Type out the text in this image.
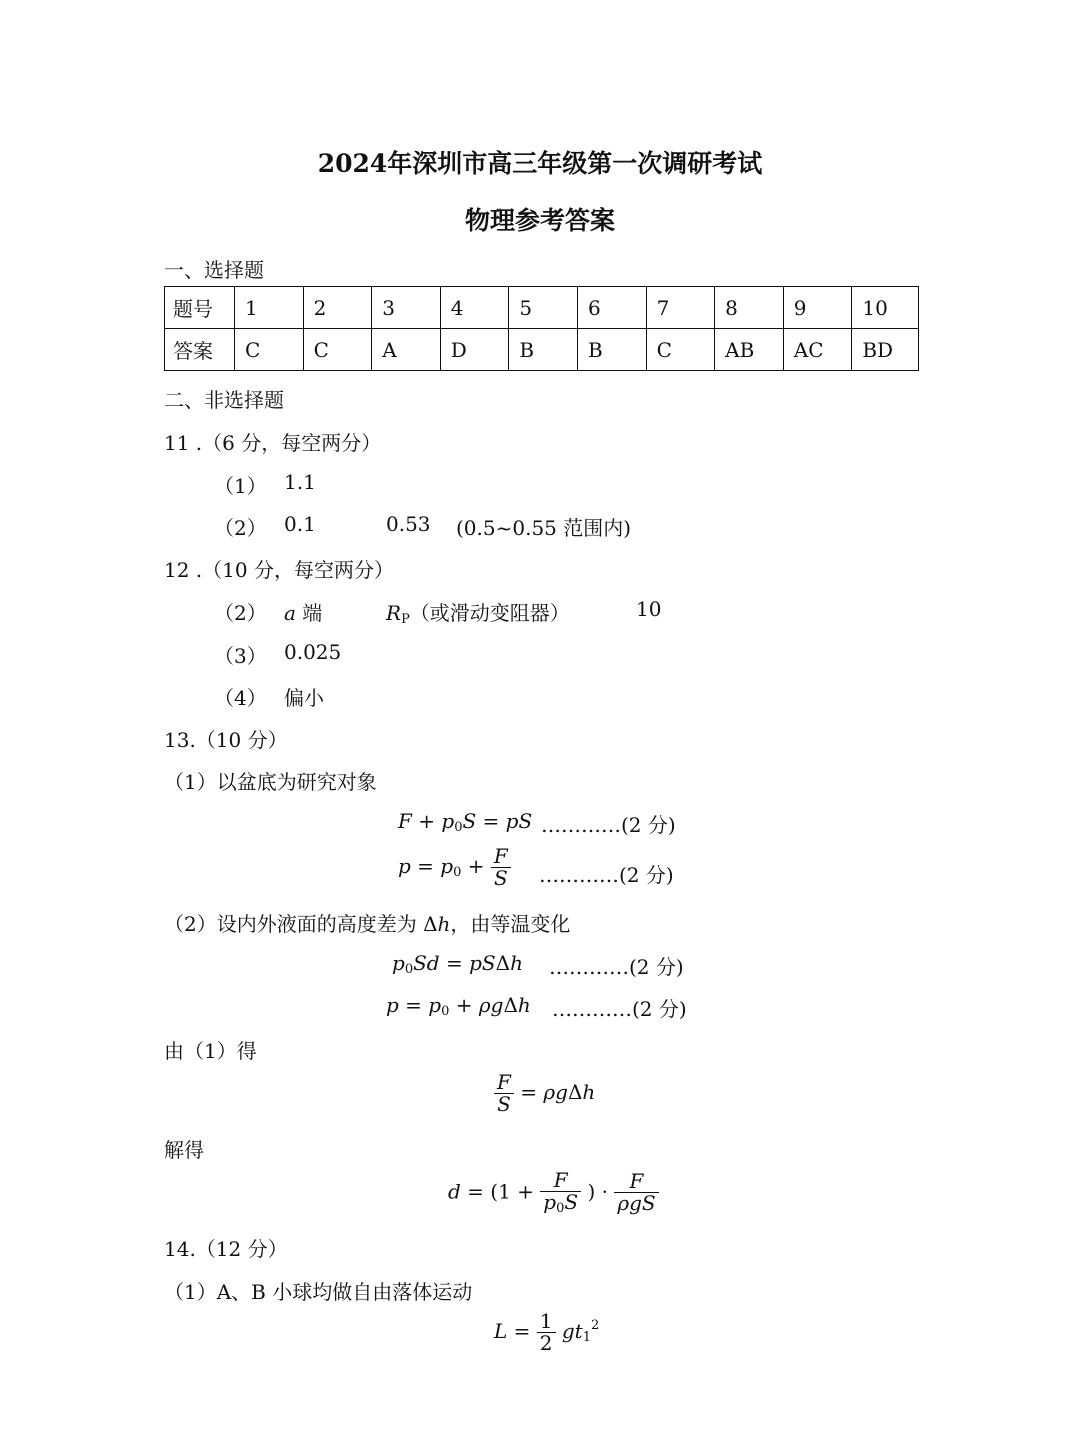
2024年深圳市高三年级第一次调研考试
物理参考答案
一、选择题
题号	1	2	3	4	5	6	7	8	9	10
答案	C	C	A	D	B	B	C	AB	AC	BD
二、非选择题
11 .（6 分，每空两分）
（1） 1.1
（2） 0.1	0.53 (0.5~0.55 范围内)
12 .（10 分，每空两分）
（2） a 端	$R_P$（或滑动变阻器）	10
（3） 0.025
（4） 偏小
13.（10 分）
（1）以盆底为研究对象
$F + p_0S$ = pS …………(2 分)
$p = p_0 + \frac{F}{S}$ …………(2 分)
（2）设内外液面的高度差为 Δh，由等温变化
$p_0Sd = pS\Delta h$ …………(2 分)
$p = p_0 + \rho g\Delta h$ …………(2 分)
由（1）得
$\frac{F}{S} = \rho g\Delta h$
解得
$d = (1 + \frac{F}{p_0S}$ ) · $\frac{F}{\text{ρgS}}$
14.（12 分）
（1）A、B 小球均做自由落体运动
$L = \frac{1}{2} gt_1^2$
